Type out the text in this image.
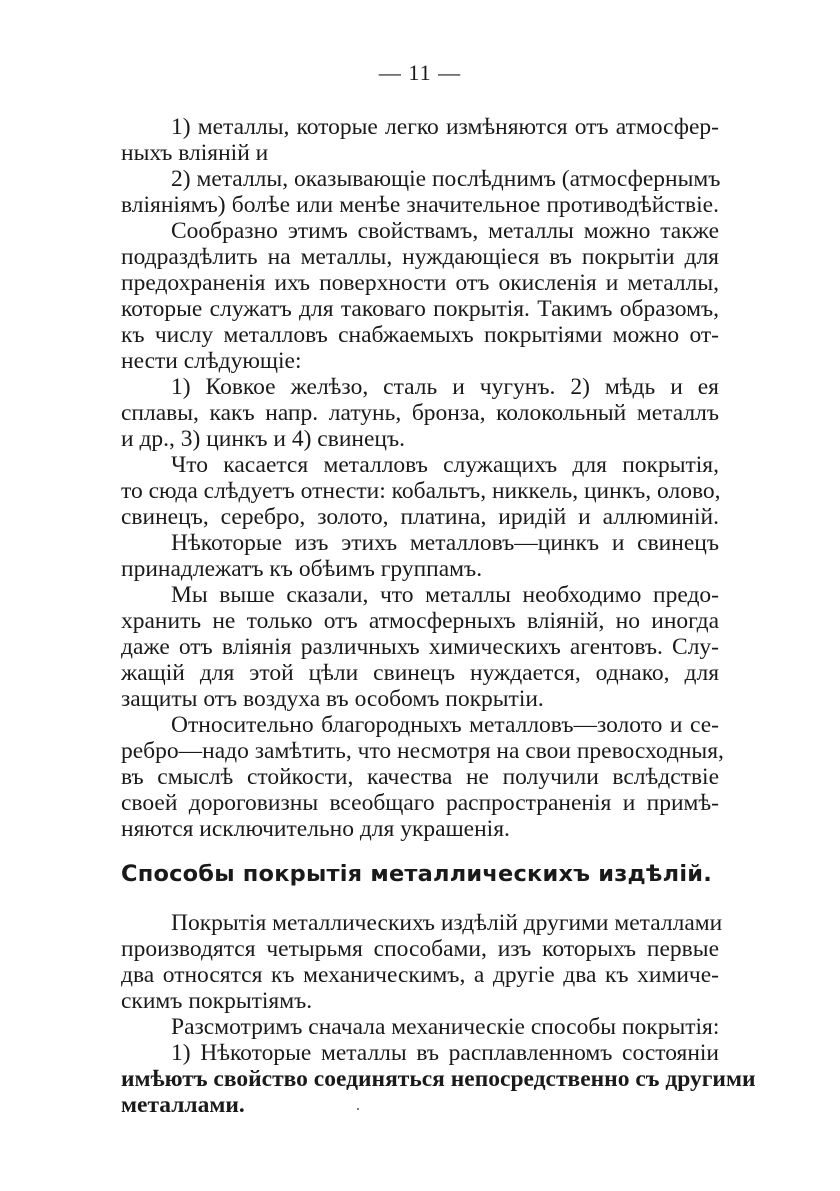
— 11 —
1) металлы, которые легко измѣняются отъ атмосфер-
ныхъ вліяній и
2) металлы, оказывающіе послѣднимъ (атмосфернымъ
вліяніямъ) болѣе или менѣе значительное противодѣйствіе.
Сообразно этимъ свойствамъ, металлы можно также
подраздѣлить на металлы, нуждающіеся въ покрытіи для
предохраненія ихъ поверхности отъ окисленія и металлы,
которые служатъ для таковаго покрытія. Такимъ образомъ,
къ числу металловъ снабжаемыхъ покрытіями можно от-
нести слѣдующіе:
1) Ковкое желѣзо, сталь и чугунъ. 2) мѣдь и ея
сплавы, какъ напр. латунь, бронза, колокольный металлъ
и др., 3) цинкъ и 4) свинецъ.
Что касается металловъ служащихъ для покрытія,
то сюда слѣдуетъ отнести: кобальтъ, никкель, цинкъ, олово,
свинецъ, серебро, золото, платина, иридій и аллюминій.
Нѣкоторые изъ этихъ металловъ—цинкъ и свинецъ
принадлежатъ къ обѣимъ группамъ.
Мы выше сказали, что металлы необходимо предо-
хранить не только отъ атмосферныхъ вліяній, но иногда
даже отъ вліянія различныхъ химическихъ агентовъ. Слу-
жащій для этой цѣли свинецъ нуждается, однако, для
защиты отъ воздуха въ особомъ покрытіи.
Относительно благородныхъ металловъ—золото и се-
ребро—надо замѣтить, что несмотря на свои превосходныя,
въ смыслѣ стойкости, качества не получили вслѣдствіе
своей дороговизны всеобщаго распространенія и примѣ-
няются исключительно для украшенія.
Способы покрытія металлическихъ издѣлій.
Покрытія металлическихъ издѣлій другими металлами
производятся четырьмя способами, изъ которыхъ первые
два относятся къ механическимъ, а другіе два къ химиче-
скимъ покрытіямъ.
Разсмотримъ сначала механическіе способы покрытія:
1) Нѣкоторые металлы въ расплавленномъ состояніи
имѣютъ свойство соединяться непосредственно съ другими
металлами.
